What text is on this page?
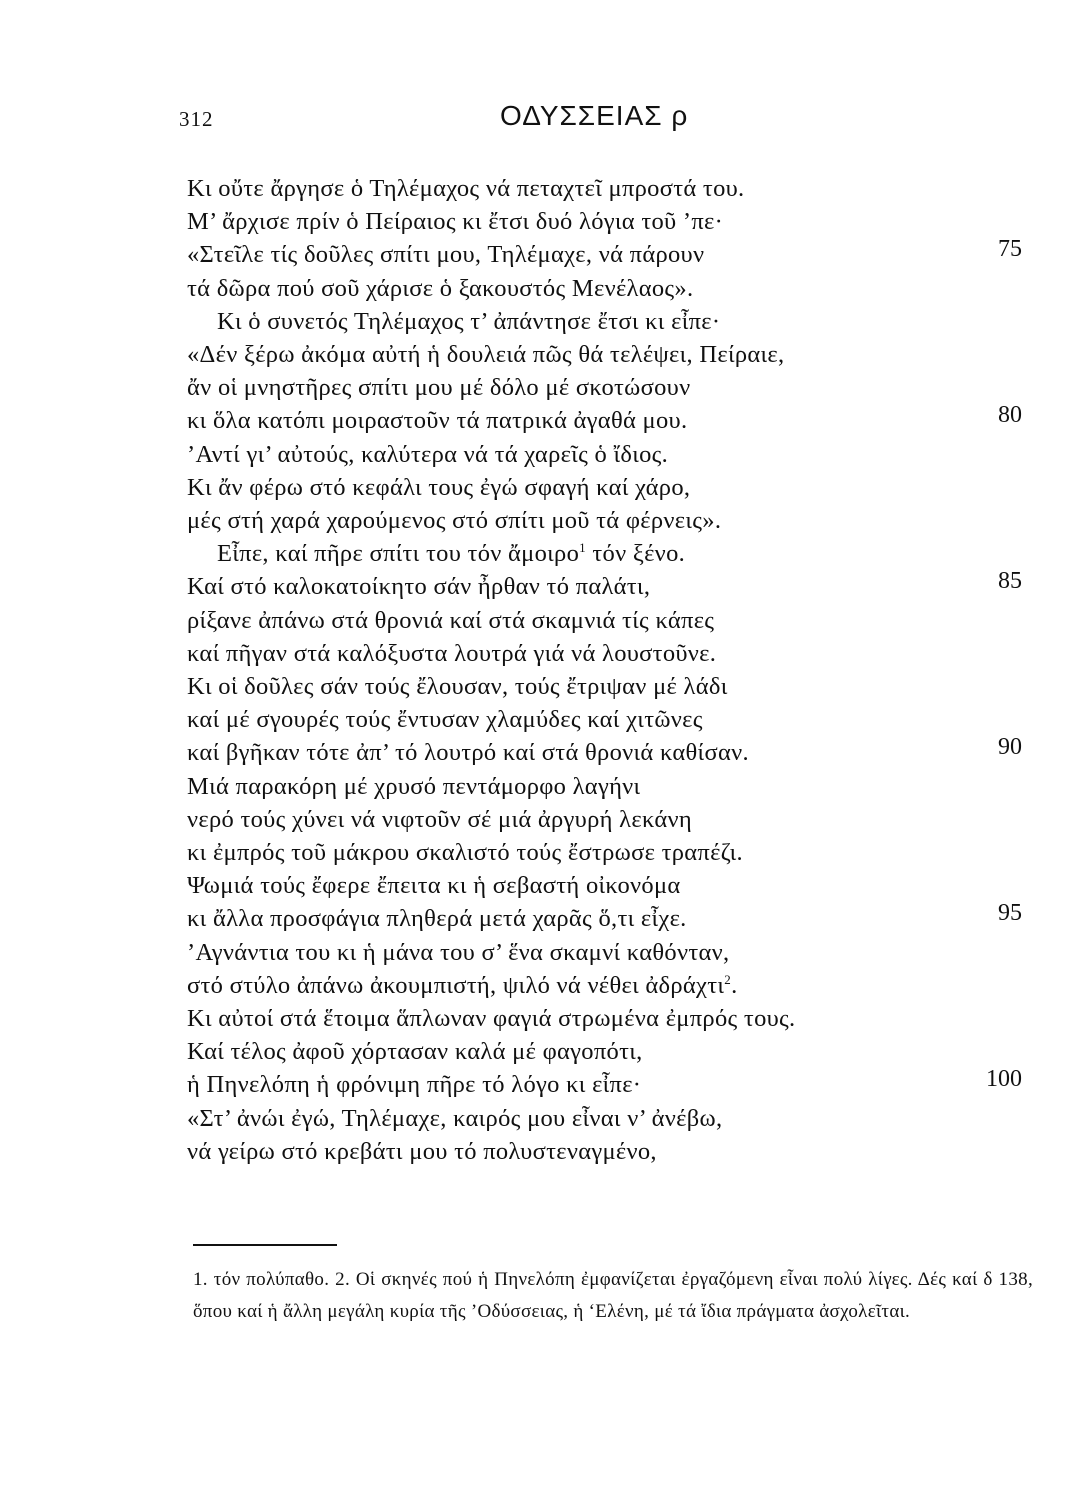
312	ΟΔΥΣΣΕΙΑΣ ρ
Κι οὔτε ἄργησε ὁ Τηλέμαχος νά πεταχτεῖ μπροστά του.
Μ’ ἄρχισε πρίν ὁ Πείραιος κι ἔτσι δυό λόγια τοῦ ’πε·
«Στεῖλε τίς δοῦλες σπίτι μου, Τηλέμαχε, νά πάρουν	75
τά δῶρα πού σοῦ χάρισε ὁ ξακουστός Μενέλαος».
Κι ὁ συνετός Τηλέμαχος τ’ ἀπάντησε ἔτσι κι εἶπε·
«Δέν ξέρω ἀκόμα αὐτή ἡ δουλειά πῶς θά τελέψει, Πείραιε,
ἄν οἱ μνηστῆρες σπίτι μου μέ δόλο μέ σκοτώσουν
κι ὅλα κατόπι μοιραστοῦν τά πατρικά ἀγαθά μου.	80
’Αντί γι’ αὐτούς, καλύτερα νά τά χαρεῖς ὁ ἴδιος.
Κι ἄν φέρω στό κεφάλι τους ἐγώ σφαγή καί χάρο,
μές στή χαρά χαρούμενος στό σπίτι μοῦ τά φέρνεις».
Εἶπε, καί πῆρε σπίτι του τόν ἄμοιρο$^1$ τόν ξένο.
Καί στό καλοκατοίκητο σάν ἦρθαν τό παλάτι,	85
ρίξανε ἀπάνω στά θρονιά καί στά σκαμνιά τίς κάπες
καί πῆγαν στά καλόξυστα λουτρά γιά νά λουστοῦνε.
Κι οἱ δοῦλες σάν τούς ἔλουσαν, τούς ἔτριψαν μέ λάδι
καί μέ σγουρές τούς ἔντυσαν χλαμύδες καί χιτῶνες
καί βγῆκαν τότε ἀπ’ τό λουτρό καί στά θρονιά καθίσαν.	90
Μιά παρακόρη μέ χρυσό πεντάμορφο λαγήνι
νερό τούς χύνει νά νιφτοῦν σέ μιά ἀργυρή λεκάνη
κι ἐμπρός τοῦ μάκρου σκαλιστό τούς ἔστρωσε τραπέζι.
Ψωμιά τούς ἔφερε ἔπειτα κι ἡ σεβαστή οἰκονόμα
κι ἄλλα προσφάγια πληθερά μετά χαρᾶς ὅ,τι εἶχε.	95
’Αγνάντια του κι ἡ μάνα του σ’ ἕνα σκαμνί καθόνταν,
στό στύλο ἀπάνω ἀκουμπιστή, ψιλό νά νέθει ἀδράχτι$^2$.
Κι αὐτοί στά ἕτοιμα ἅπλωναν φαγιά στρωμένα ἐμπρός τους.
Καί τέλος ἀφοῦ χόρτασαν καλά μέ φαγοπότι,
ἡ Πηνελόπη ἡ φρόνιμη πῆρε τό λόγο κι εἶπε·	100
«Στ’ ἀνώι ἐγώ, Τηλέμαχε, καιρός μου εἶναι ν’ ἀνέβω,
νά γείρω στό κρεβάτι μου τό πολυστεναγμένο,
1. τόν πολύπαθο. 2. Οἱ σκηνές πού ἡ Πηνελόπη ἐμφανίζεται ἐργαζόμενη εἶναι πολύ λίγες. Δές καί δ 138, ὅπου καί ἡ ἄλλη μεγάλη κυρία τῆς ’Οδύσσειας, ἡ ‘Ελένη, μέ τά ἴδια πράγματα ἀσχολεῖται.
